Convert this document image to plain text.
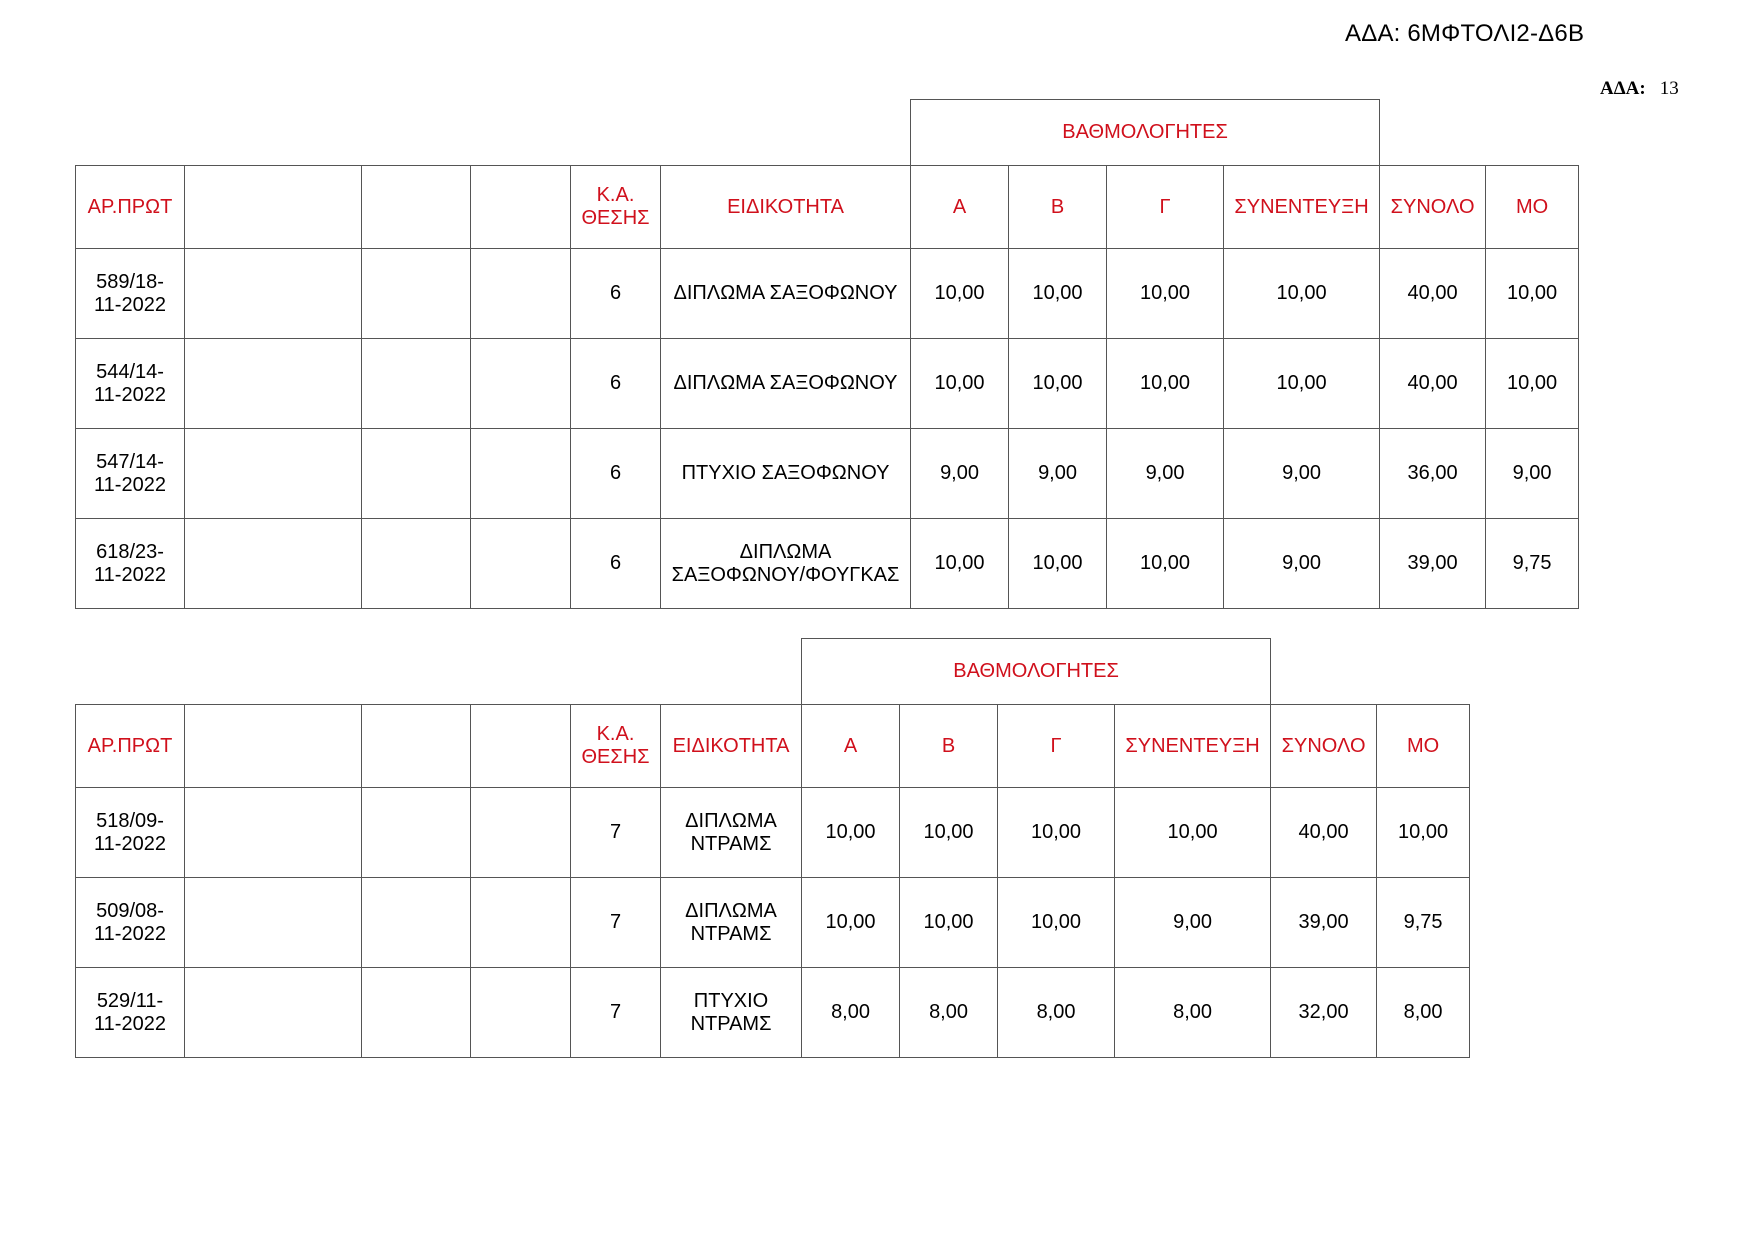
ΑΔΑ: 6ΜΦΤΟΛΙ2-Δ6Β
ΑΔΑ: 13
						ΒΑΘΜΟΛΟΓΗΤΕΣ					
ΑΡ.ΠΡΩΤ				Κ.Α.
ΘΕΣΗΣ	ΕΙΔΙΚΟΤΗΤΑ	Α	Β	Γ	ΣΥΝΕΝΤΕΥΞΗ	ΣΥΝΟΛΟ	ΜΟ

589/18-
11-2022				6	ΔΙΠΛΩΜΑ ΣΑΞΟΦΩΝΟΥ	10,00	10,00	10,00	10,00	40,00	10,00

544/14-
11-2022				6	ΔΙΠΛΩΜΑ ΣΑΞΟΦΩΝΟΥ	10,00	10,00	10,00	10,00	40,00	10,00

547/14-
11-2022				6	ΠΤΥΧΙΟ ΣΑΞΟΦΩΝΟΥ	9,00	9,00	9,00	9,00	36,00	9,00

618/23-
11-2022				6	ΔΙΠΛΩΜΑ
ΣΑΞΟΦΩΝΟΥ/ΦΟΥΓΚΑΣ	10,00	10,00	10,00	9,00	39,00	9,75
						ΒΑΘΜΟΛΟΓΗΤΕΣ					
ΑΡ.ΠΡΩΤ				Κ.Α.
ΘΕΣΗΣ	ΕΙΔΙΚΟΤΗΤΑ	Α	Β	Γ	ΣΥΝΕΝΤΕΥΞΗ	ΣΥΝΟΛΟ	ΜΟ

518/09-
11-2022				7	ΔΙΠΛΩΜΑ
ΝΤΡΑΜΣ	10,00	10,00	10,00	10,00	40,00	10,00

509/08-
11-2022				7	ΔΙΠΛΩΜΑ
ΝΤΡΑΜΣ	10,00	10,00	10,00	9,00	39,00	9,75

529/11-
11-2022				7	ΠΤΥΧΙΟ
ΝΤΡΑΜΣ	8,00	8,00	8,00	8,00	32,00	8,00
